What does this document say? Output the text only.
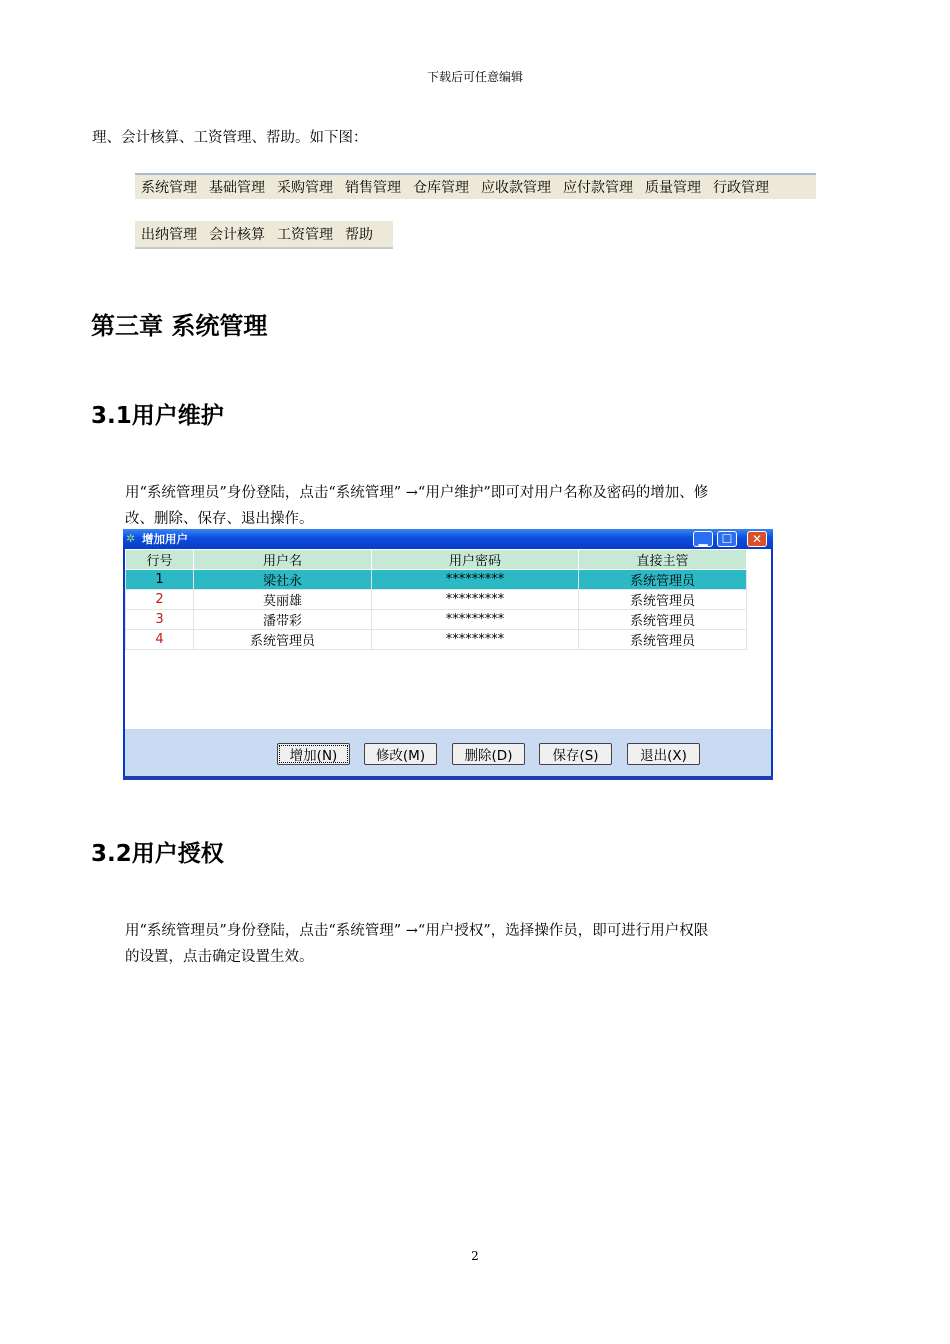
下载后可任意编辑
理、会计核算、工资管理、帮助。如下图：
系统管理 基础管理 采购管理 销售管理 仓库管理 应收款管理 应付款管理 质量管理 行政管理
出纳管理 会计核算 工资管理 帮助
第三章 系统管理
3.1用户维护
用“系统管理员”身份登陆，点击“系统管理” →“用户维护”即可对用户名称及密码的增加、修
改、删除、保存、退出操作。
✲ 增加用户	▁	☐	✕
行号	用户名	用户密码	直接主管
1	梁社永	*********	系统管理员
2	莫丽雄	*********	系统管理员
3	潘带彩	*********	系统管理员
4	系统管理员	*********	系统管理员
增加(N)	修改(M)	删除(D)	保存(S)	退出(X)
3.2用户授权
用“系统管理员”身份登陆，点击“系统管理” →“用户授权”，选择操作员，即可进行用户权限
的设置，点击确定设置生效。
2
